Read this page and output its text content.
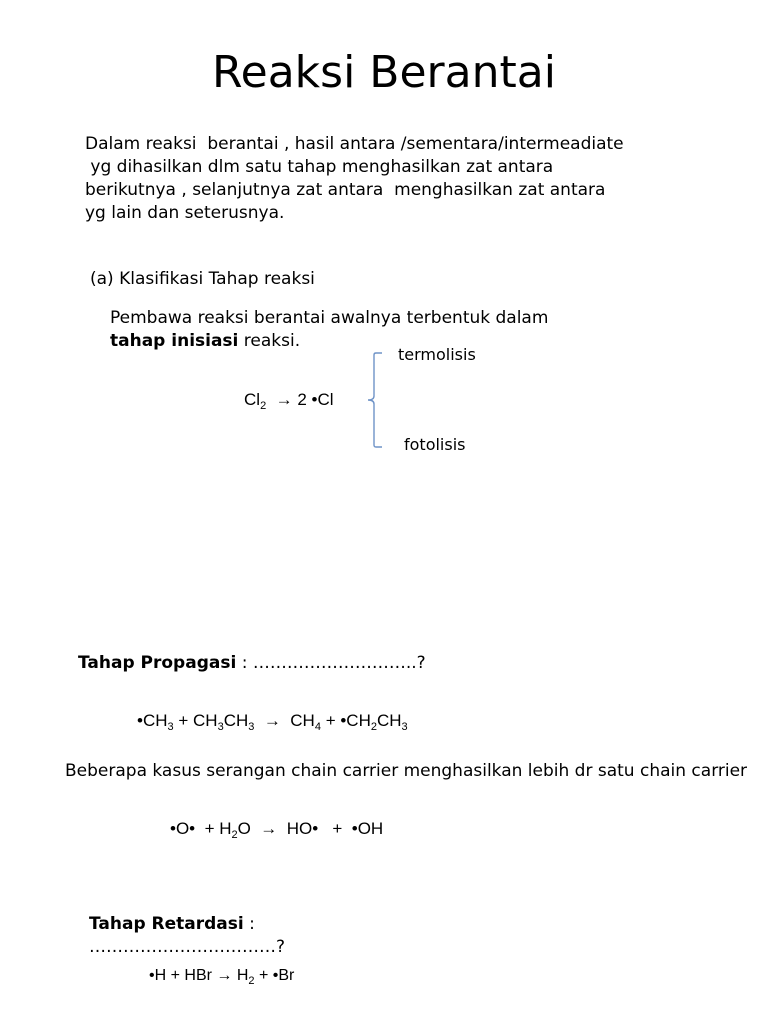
Reaksi Berantai
Dalam reaksi  berantai , hasil antara /sementara/intermeadiate
yg dihasilkan dlm satu tahap menghasilkan zat antara
berikutnya , selanjutnya zat antara  menghasilkan zat antara
yg lain dan seterusnya.
(a) Klasifikasi Tahap reaksi
Pembawa reaksi berantai awalnya terbentuk dalam
tahap inisiasi reaksi.
$Cl_2 \to 2$ •Cl
termolisis
fotolisis
Tahap Propagasi : ………………………..?
$•CH_3 + CH_3CH_3 \to CH_4$ + $•CH_2CH_3$
Beberapa kasus serangan chain carrier menghasilkan lebih dr satu chain carrier
•O•  + $H_2O$  →  HO•   +  •OH
Tahap Retardasi :
……………………………?
•H + HBr → $H_2$ + •Br
